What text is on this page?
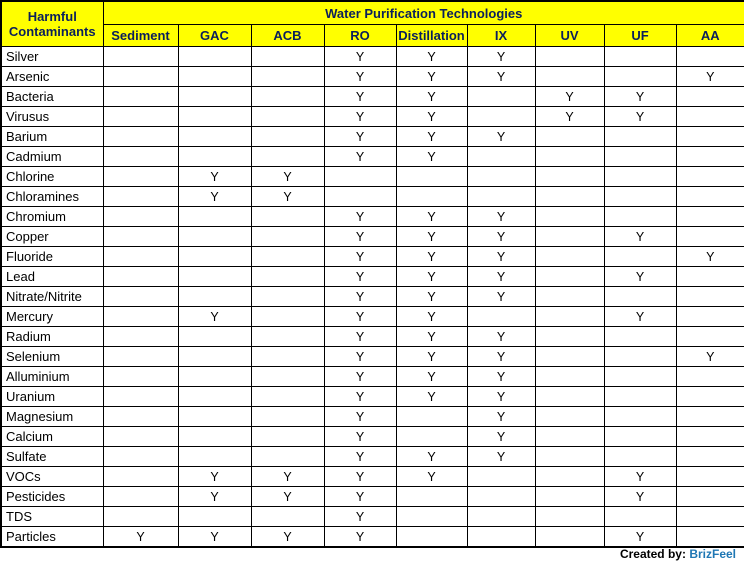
Harmful
Contaminants	Water Purification Technologies								
	Sediment	GAC	ACB	RO	Distillation	IX	UV	UF	AA
Silver				Y	Y	Y			
Arsenic				Y	Y	Y			Y
Bacteria				Y	Y		Y	Y	
Virusus				Y	Y		Y	Y	
Barium				Y	Y	Y			
Cadmium				Y	Y				
Chlorine		Y	Y						
Chloramines		Y	Y						
Chromium				Y	Y	Y			
Copper				Y	Y	Y		Y	
Fluoride				Y	Y	Y			Y
Lead				Y	Y	Y		Y	
Nitrate/Nitrite				Y	Y	Y			
Mercury		Y		Y	Y			Y	
Radium				Y	Y	Y			
Selenium				Y	Y	Y			Y
Alluminium				Y	Y	Y			
Uranium				Y	Y	Y			
Magnesium				Y		Y			
Calcium				Y		Y			
Sulfate				Y	Y	Y			
VOCs		Y	Y	Y	Y			Y	
Pesticides		Y	Y	Y				Y	
TDS				Y					
Particles	Y	Y	Y	Y				Y	
Created by: BrizFeel
